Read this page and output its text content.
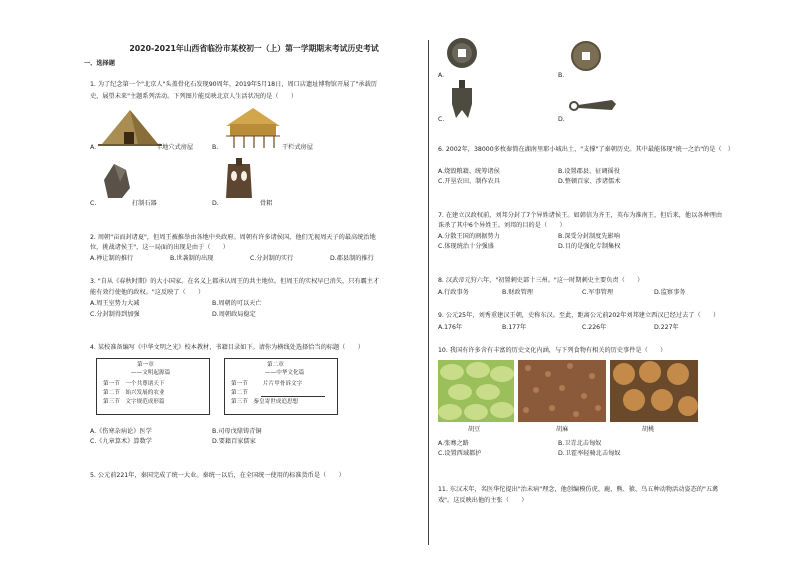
2020-2021年山西省临汾市某校初一（上）第一学期期末考试历史考试
一、选择题
1. 为了纪念第一个"北京人"头盖骨化石发现90周年，2019年5月18日，周口店遗址博物馆开展了"承载历
史，展望未来"主题系列活动。下列图片能反映北京人生活状况的是（　　）
A.	半地穴式房屋	B.	干栏式房屋
C.	打制石器	D.	骨耜
2. 周朝"亩而封诸夏"，但周王被推举由各地中央政府。周朝有许多诸侯国，他们无视周天子的最高统治地
位，挑战诸侯王"，这一局面的出现是由于（　　）
A.禅让制的推行	B.世袭制的出现	C.分封制的实行	D.郡县制的推行
3. "自从《春秋时期》的大小国家。在名义上都承认周王的共主地位。但周王的实权早已消失，只有霸主才
能有效行使他的政权。"这反映了（　　）
A.周王室势力大减	B.周朝的可以天亡
C.分封制得到加强	D.周朝政局稳定
4. 某校准备编写《中华文明之光》校本教材，书籍目录如下。请你为横线处选择恰当的标题（　　）
第一章
——文明起源篇
第一节　一个共尊诸天下
第二节　始兴发展的农业
第三节　文字规范成形篇
第二章
——中华文化篇
第一节	片片甲骨诉文字
第二节
第三节　秦皇寄世成追思想
A.《伤寒杂病论》医学	B.司母戊鼎铸青铜
C.《九章算术》算数学	D.要籍百家儒家
5. 公元前221年，秦国完成了统一大业。秦统一以后，在全国统一使用的标准货币是（　　）
A.	B.
C.	D.
6. 2002年，38000多枚秦简在湖南里耶小城出土，"支撑"了秦朝历史。其中最能体现"统一之治"的是（　）
A.烧毁粮籍、统筹诸侯	B.设置郡县、征调徭役
C.开垦农田、制作农具	D.整顿百家、涉诸儒术
7. 在建立汉政权前，刘邦分封了7个异姓诸侯王。如韩信为齐王，英布为淮南王，但后来，他以各种理由
诛杀了其中6个异姓王。刘邦的目的是（　　）
A.分散王国的割据势力	B.深受分封制度先影响
C.体现统治十分强盛	D.目的是强化专制集权
8. 汉武帝元狩六年，"初置刺史部十三州。"这一时期刺史主要负责（　　）
A.行政事务	B.财政管理	C.军事管理	D.监察事务
9. 公元25年，刘秀重建汉王朝，史称东汉。至此，距离公元前202年刘邦建立西汉已经过去了（　　）
A.176年	B.177年	C.226年	D.227年
10. 我国有许多含有丰富的历史文化内涵，与下列食物有相关的历史事件是（　　）
胡豆	胡麻	胡桃
A.张骞之路	B.卫青北击匈奴
C.设置西域都护	D.卫霍率轻骑北击匈奴
11. 东汉末年，名医华佗提出"治未病"理念，他创编模仿虎、鹿、熊、猿、鸟五种动物活动姿态的"五禽
戏"。这反映出他的主张（　　）
